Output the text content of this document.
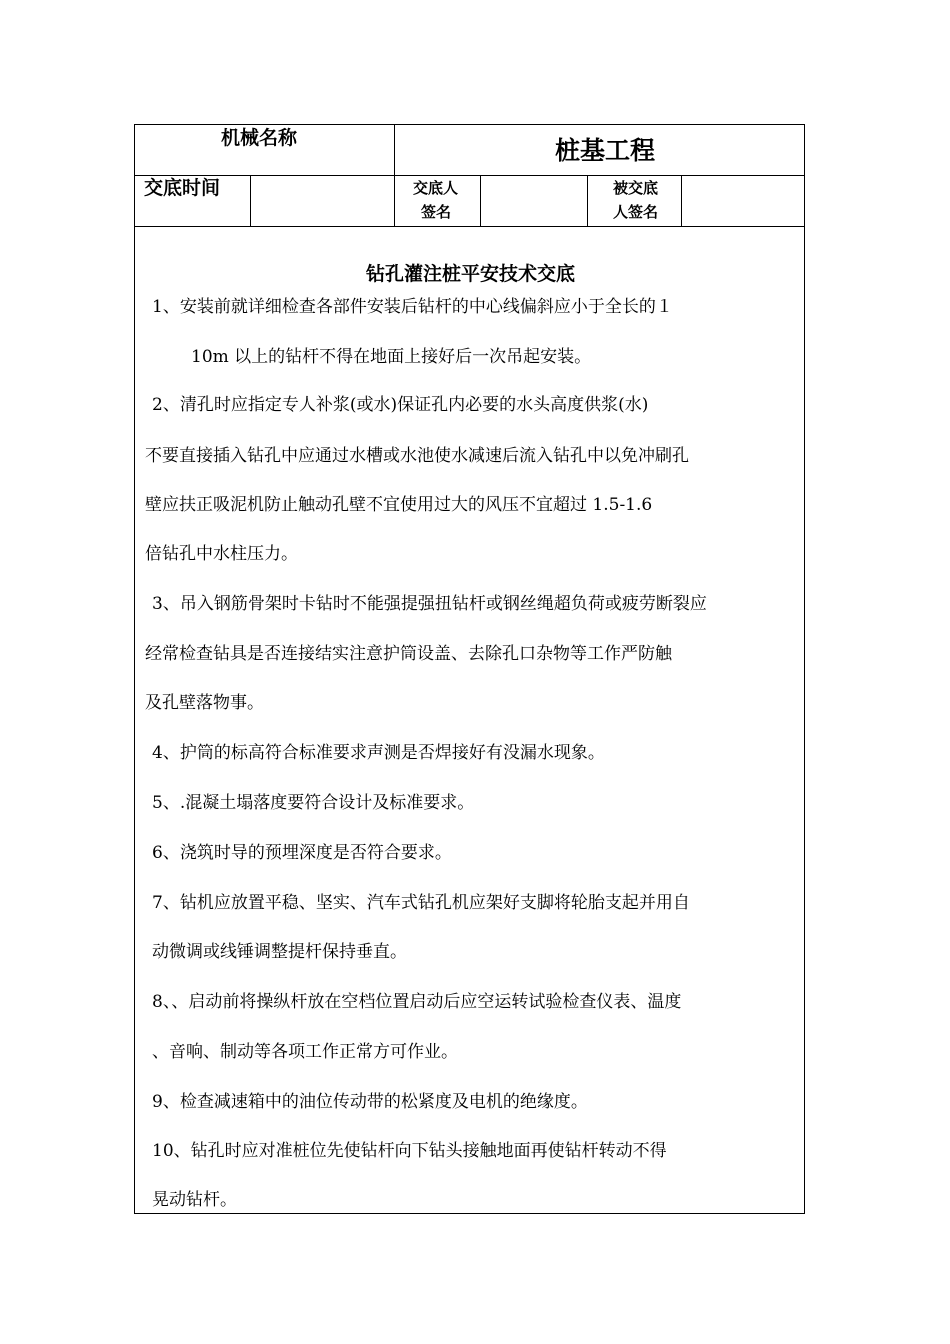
机械名称	桩基工程
交底时间	交底人
签名
被交底
人签名
钻孔灌注桩平安技术交底
1、安装前就详细检查各部件安装后钻杆的中心线偏斜应小于全长的１
10m 以上的钻杆不得在地面上接好后一次吊起安装。
2、清孔时应指定专人补浆(或水)保证孔内必要的水头高度供浆(水)
不要直接插入钻孔中应通过水槽或水池使水减速后流入钻孔中以免冲刷孔
壁应扶正吸泥机防止触动孔壁不宜使用过大的风压不宜超过 1.5-1.6
倍钻孔中水柱压力。
3、吊入钢筋骨架时卡钻时不能强提强扭钻杆或钢丝绳超负荷或疲劳断裂应
经常检查钻具是否连接结实注意护筒设盖、去除孔口杂物等工作严防触
及孔壁落物事。
4、护筒的标高符合标准要求声测是否焊接好有没漏水现象。
5、.混凝土塌落度要符合设计及标准要求。
6、浇筑时导的预埋深度是否符合要求。
7、钻机应放置平稳、坚实、汽车式钻孔机应架好支脚将轮胎支起并用自
动微调或线锤调整提杆保持垂直。
8、、启动前将操纵杆放在空档位置启动后应空运转试验检查仪表、温度
、音响、制动等各项工作正常方可作业。
9、检查减速箱中的油位传动带的松紧度及电机的绝缘度。
10、钻孔时应对准桩位先使钻杆向下钻头接触地面再使钻杆转动不得
晃动钻杆。
